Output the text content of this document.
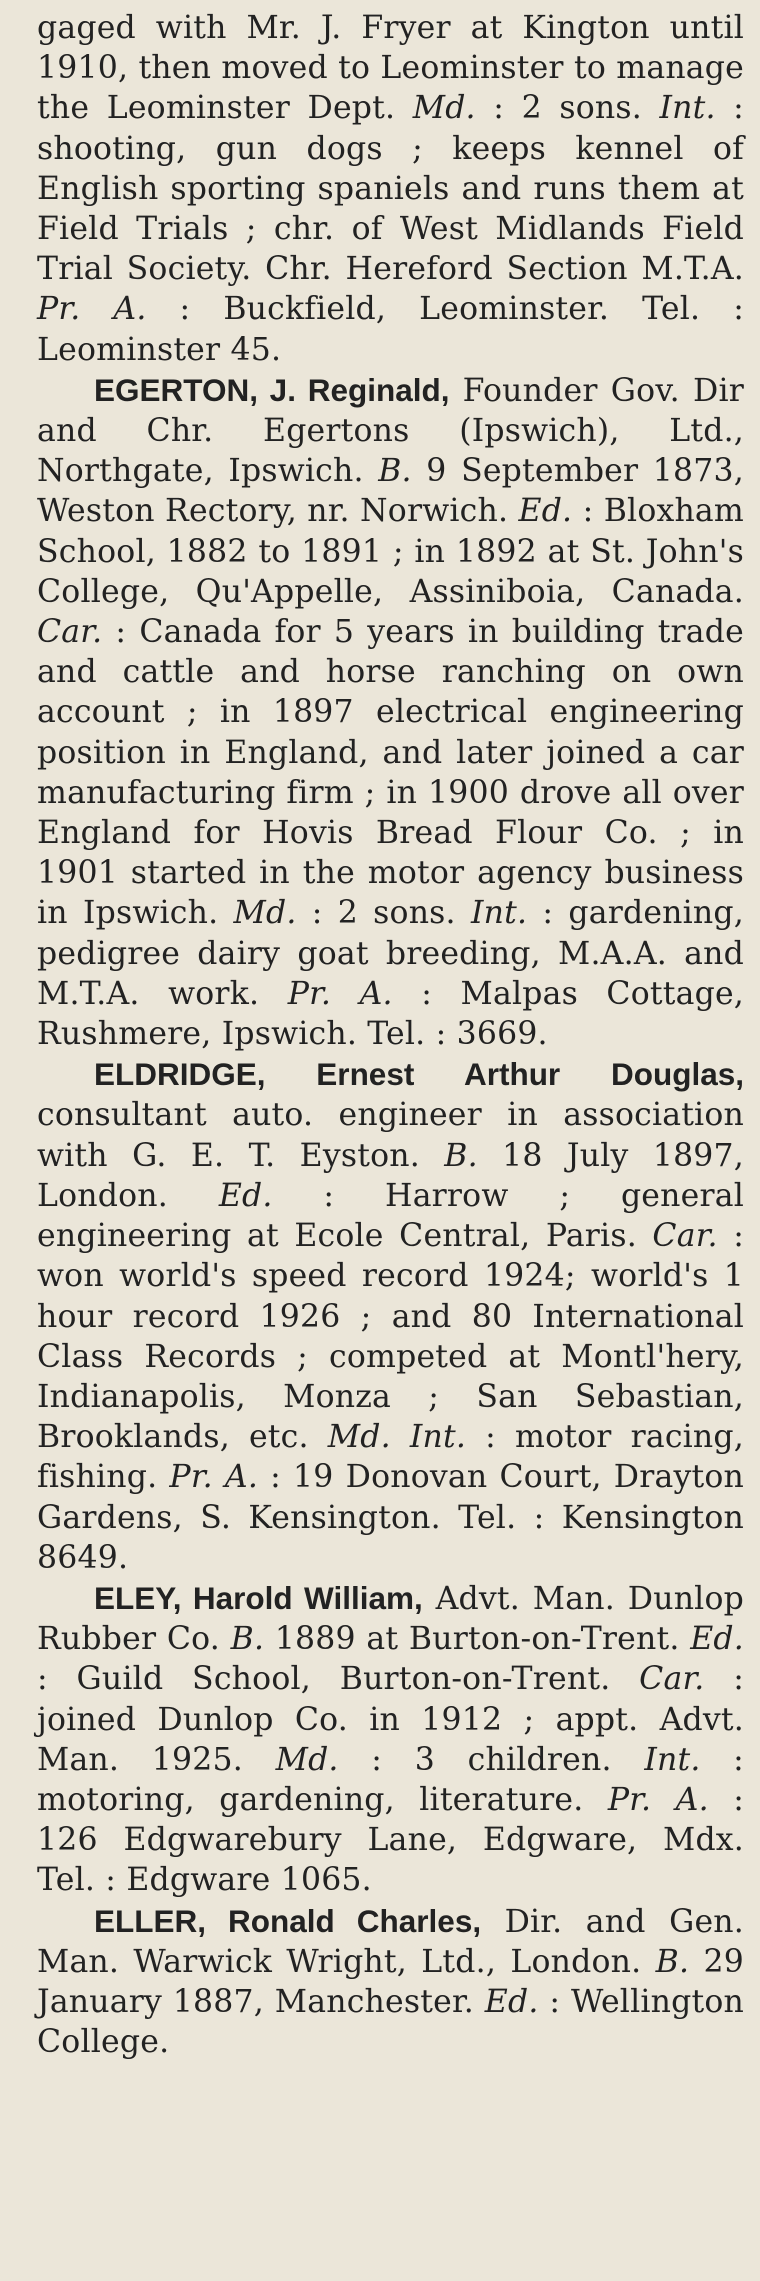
gaged with Mr. J. Fryer at Kington until 1910, then moved to Leominster to manage the Leominster Dept. Md. : 2 sons. Int. : shooting, gun dogs ; keeps kennel of English sporting spaniels and runs them at Field Trials ; chr. of West Midlands Field Trial Society. Chr. Hereford Section M.T.A. Pr. A. : Buckfield, Leominster. Tel. : Leominster 45.

EGERTON, J. Reginald, Founder Gov. Dir and Chr. Egertons (Ipswich), Ltd., Northgate, Ipswich. B. 9 September 1873, Weston Rectory, nr. Norwich. Ed. : Bloxham School, 1882 to 1891 ; in 1892 at St. John's College, Qu'Appelle, Assiniboia, Canada. Car. : Canada for 5 years in building trade and cattle and horse ranching on own account ; in 1897 electrical engineering position in England, and later joined a car manufacturing firm ; in 1900 drove all over England for Hovis Bread Flour Co. ; in 1901 started in the motor agency business in Ipswich. Md. : 2 sons. Int. : gardening, pedigree dairy goat breeding, M.A.A. and M.T.A. work. Pr. A. : Malpas Cottage, Rushmere, Ipswich. Tel. : 3669.

ELDRIDGE, Ernest Arthur Douglas, consultant auto. engineer in association with G. E. T. Eyston. B. 18 July 1897, London. Ed. : Harrow ; general engineering at Ecole Central, Paris. Car. : won world's speed record 1924; world's 1 hour record 1926 ; and 80 International Class Records ; competed at Montl'hery, Indianapolis, Monza ; San Sebastian, Brooklands, etc. Md. Int. : motor racing, fishing. Pr. A. : 19 Donovan Court, Drayton Gardens, S. Kensington. Tel. : Kensington 8649.

ELEY, Harold William, Advt. Man. Dunlop Rubber Co. B. 1889 at Burton-on-Trent. Ed. : Guild School, Burton-on-Trent. Car. : joined Dunlop Co. in 1912 ; appt. Advt. Man. 1925. Md. : 3 children. Int. : motoring, gardening, literature. Pr. A. : 126 Edgwarebury Lane, Edgware, Mdx. Tel. : Edgware 1065.

ELLER, Ronald Charles, Dir. and Gen. Man. Warwick Wright, Ltd., London. B. 29 January 1887, Manchester. Ed. : Wellington College.
